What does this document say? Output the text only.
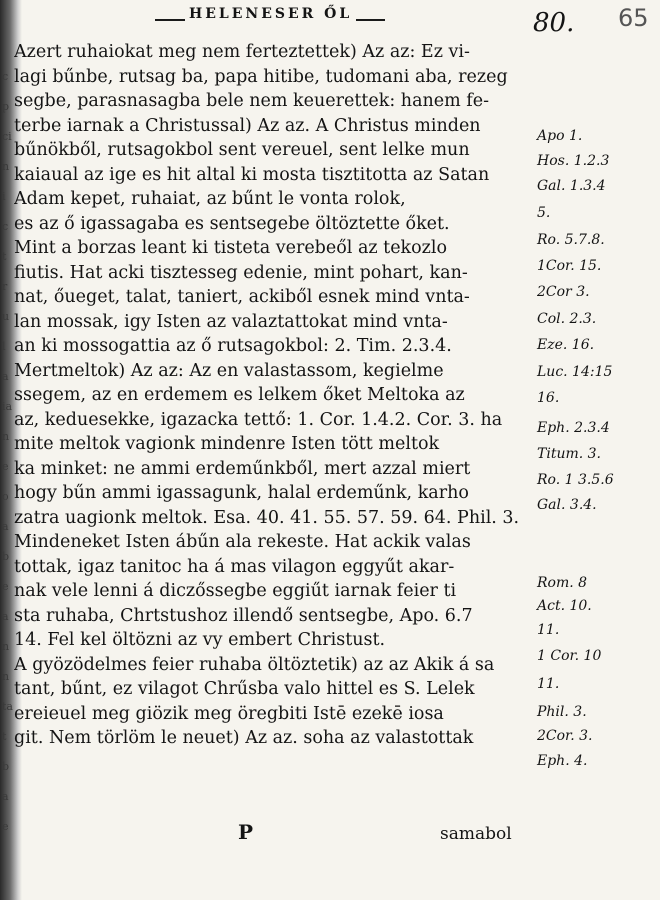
c
p
ci
n
i
c
t
r
u
l
a
ia
n
e
o
a
b
e
a
n
n
ta
t
b
a
e
HELENESER ŐL	80. 65
Azert ruhaiokat meg nem ferteztettek) Az az: Ez vi-
lagi bűnbe, rutsag ba, papa hitibe, tudomani aba, rezeg
segbe, parasnasagba bele nem keuerettek: hanem fe-
terbe iarnak a Christussal) Az az. A Christus minden
bűnökből, rutsagokbol sent vereuel, sent lelke mun
kaiaual az ige es hit altal ki mosta tisztitotta az Satan
Adam kepet, ruhaiat, az bűnt le vonta rolok,
es az ő igassagaba es sentsegebe öltöztette őket.
Mint a borzas leant ki tisteta verebeől az tekozlo
fiutis. Hat acki tisztesseg edenie, mint pohart, kan-
nat, őueget, talat, taniert, ackiből esnek mind vnta-
lan mossak, igy Isten az valaztattokat mind vnta-
an ki mossogattia az ő rutsagokbol: 2. Tim. 2.3.4.
Mertmeltok) Az az: Az en valastassom, kegielme
ssegem, az en erdemem es lelkem őket Meltoka az
az, keduesekke, igazacka tettő: 1. Cor. 1.4.2. Cor. 3. ha
mite meltok vagionk mindenre Isten tött meltok
ka minket: ne ammi erdeműnkből, mert azzal miert
hogy bűn ammi igassagunk, halal erdeműnk, karho
zatra uagionk meltok. Esa. 40. 41. 55. 57. 59. 64. Phil. 3.
Mindeneket Isten ábűn ala rekeste. Hat ackik valas
tottak, igaz tanitoc ha á mas vilagon eggyűt akar-
nak vele lenni á diczőssegbe eggiűt iarnak feier ti
sta ruhaba, Chrtstushoz illendő sentsegbe, Apo. 6.7
14. Fel kel öltözni az vy embert Christust.
A gyözödelmes feier ruhaba öltöztetik) az az Akik á sa
tant, bűnt, ez vilagot Chrűsba valo hittel es S. Lelek
ereieuel meg giözik meg öregbiti Istē ezekē iosa
git. Nem törlöm le neuet) Az az. soha az valastottak
Apo 1.
Hos. 1.2.3
Gal. 1.3.4
5.
Ro. 5.7.8.
1Cor. 15.
2Cor 3.
Col. 2.3.
Eze. 16.
Luc. 14:15
16.
Eph. 2.3.4
Titum. 3.
Ro. 1 3.5.6
Gal. 3.4.
Rom. 8
Act. 10.
11.
1 Cor. 10
11.
Phil. 3.
2Cor. 3.
Eph. 4.
P	samabol
